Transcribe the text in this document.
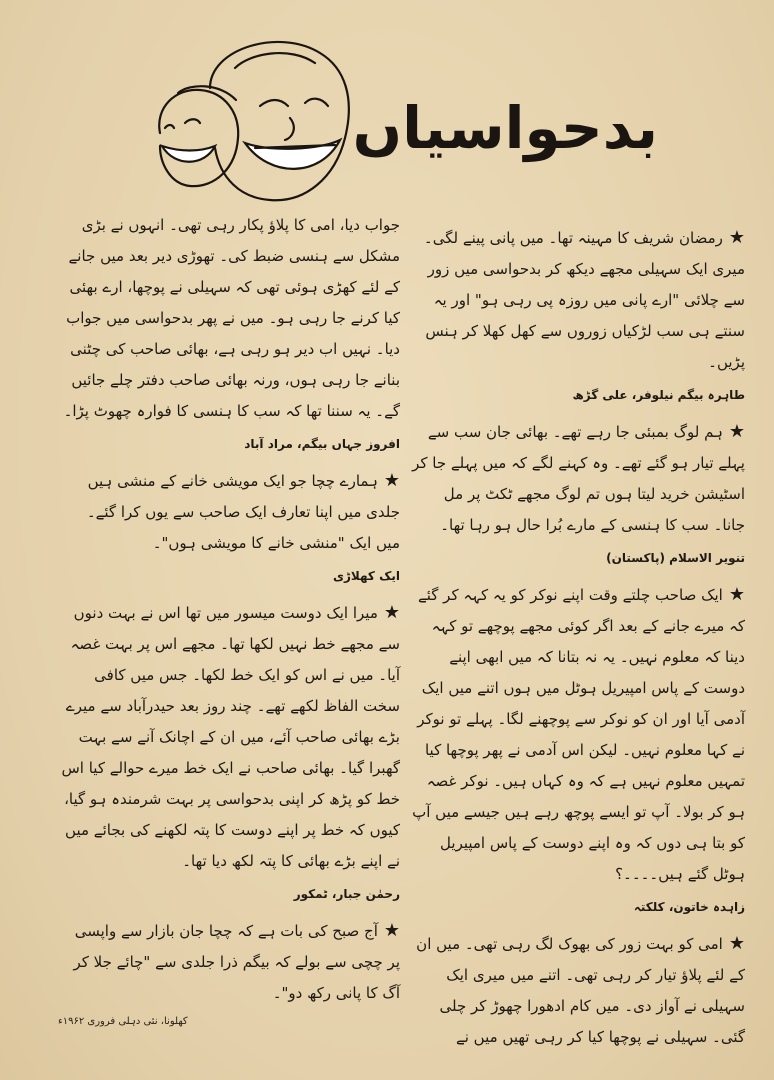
بدحواسیاں

★رمضان شریف کا مہینہ تھا۔ میں پانی پینے لگی۔ میری ایک سہیلی مجھے دیکھ کر بدحواسی میں زور سے چلائی "ارے پانی میں روزہ پی رہی ہو" اور یہ سنتے ہی سب لڑکیاں زوروں سے کھل کھلا کر ہنس پڑیں۔

طاہرہ بیگم نیلوفر، علی گڑھ

★ہم لوگ بمبئی جا رہے تھے۔ بھائی جان سب سے پہلے تیار ہو گئے تھے۔ وہ کہنے لگے کہ میں پہلے جا کر اسٹیشن خرید لیتا ہوں تم لوگ مجھے ٹکٹ پر مل جانا۔ سب کا ہنسی کے مارے بُرا حال ہو رہا تھا۔

تنویر الاسلام (پاکستان)

★ایک صاحب چلتے وقت اپنے نوکر کو یہ کہہ کر گئے کہ میرے جانے کے بعد اگر کوئی مجھے پوچھے تو کہہ دینا کہ معلوم نہیں۔ یہ نہ بتانا کہ میں ابھی اپنے دوست کے پاس امپیریل ہوٹل میں ہوں اتنے میں ایک آدمی آیا اور ان کو نوکر سے پوچھنے لگا۔ پہلے تو نوکر نے کہا معلوم نہیں۔ لیکن اس آدمی نے پھر پوچھا کیا تمہیں معلوم نہیں ہے کہ وہ کہاں ہیں۔ نوکر غصہ ہو کر بولا۔ آپ تو ایسے پوچھ رہے ہیں جیسے میں آپ کو بتا ہی دوں کہ وہ اپنے دوست کے پاس امپیریل ہوٹل گئے ہیں۔۔۔۔؟

زاہدہ خاتون، کلکتہ

★امی کو بہت زور کی بھوک لگ رہی تھی۔ میں ان کے لئے پلاؤ تیار کر رہی تھی۔ اتنے میں میری ایک سہیلی نے آواز دی۔ میں کام ادھورا چھوڑ کر چلی گئی۔ سہیلی نے پوچھا کیا کر رہی تھیں میں نے

جواب دیا، امی کا پلاؤ پکار رہی تھی۔ انہوں نے بڑی مشکل سے ہنسی ضبط کی۔ تھوڑی دیر بعد میں جانے کے لئے کھڑی ہوئی تھی کہ سہیلی نے پوچھا، ارے بھئی کیا کرنے جا رہی ہو۔ میں نے پھر بدحواسی میں جواب دیا۔ نہیں اب دیر ہو رہی ہے، بھائی صاحب کی چٹنی بنانے جا رہی ہوں، ورنہ بھائی صاحب دفتر چلے جائیں گے۔ یہ سننا تھا کہ سب کا ہنسی کا فوارہ چھوٹ پڑا۔

افروز جہاں بیگم، مراد آباد

★ہمارے چچا جو ایک مویشی خانے کے منشی ہیں جلدی میں اپنا تعارف ایک صاحب سے یوں کرا گئے۔ میں ایک "منشی خانے کا مویشی ہوں"۔

ایک کھلاڑی

★میرا ایک دوست میسور میں تھا اس نے بہت دنوں سے مجھے خط نہیں لکھا تھا۔ مجھے اس پر بہت غصہ آیا۔ میں نے اس کو ایک خط لکھا۔ جس میں کافی سخت الفاظ لکھے تھے۔ چند روز بعد حیدرآباد سے میرے بڑے بھائی صاحب آئے، میں ان کے اچانک آنے سے بہت گھبرا گیا۔ بھائی صاحب نے ایک خط میرے حوالے کیا اس خط کو پڑھ کر اپنی بدحواسی پر بہت شرمندہ ہو گیا، کیوں کہ خط پر اپنے دوست کا پتہ لکھنے کی بجائے میں نے اپنے بڑے بھائی کا پتہ لکھ دیا تھا۔

رحمٰن جبار، ٹمکور

★آج صبح کی بات ہے کہ چچا جان بازار سے واپسی پر چچی سے بولے کہ بیگم ذرا جلدی سے "چائے جلا کر آگ کا پانی رکھ دو"۔

کھلونا، نئی دہلی فروری ۱۹۶۲ء
